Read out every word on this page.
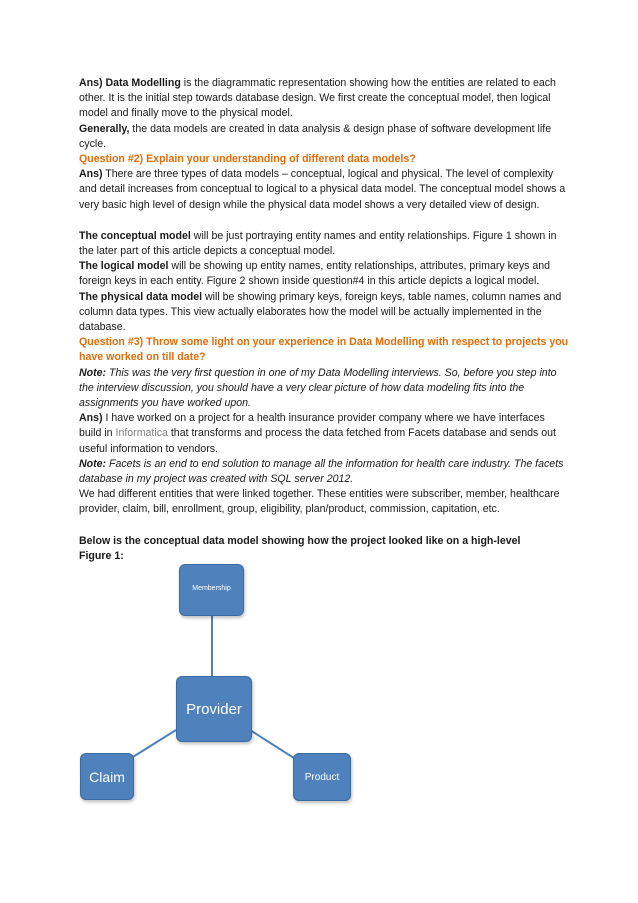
Ans) Data Modelling is the diagrammatic representation showing how the entities are related to each other. It is the initial step towards database design. We first create the conceptual model, then logical model and finally move to the physical model.

Generally, the data models are created in data analysis & design phase of software development life cycle.

Question #2) Explain your understanding of different data models?

Ans) There are three types of data models – conceptual, logical and physical. The level of complexity and detail increases from conceptual to logical to a physical data model. The conceptual model shows a very basic high level of design while the physical data model shows a very detailed view of design.

The conceptual model will be just portraying entity names and entity relationships. Figure 1 shown in the later part of this article depicts a conceptual model.

The logical model will be showing up entity names, entity relationships, attributes, primary keys and foreign keys in each entity. Figure 2 shown inside question#4 in this article depicts a logical model.

The physical data model will be showing primary keys, foreign keys, table names, column names and column data types. This view actually elaborates how the model will be actually implemented in the database.

Question #3) Throw some light on your experience in Data Modelling with respect to projects you have worked on till date?

Note: This was the very first question in one of my Data Modelling interviews. So, before you step into the interview discussion, you should have a very clear picture of how data modeling fits into the assignments you have worked upon.

Ans) I have worked on a project for a health insurance provider company where we have interfaces build in Informatica that transforms and process the data fetched from Facets database and sends out useful information to vendors.

Note: Facets is an end to end solution to manage all the information for health care industry. The facets database in my project was created with SQL server 2012.

We had different entities that were linked together. These entities were subscriber, member, healthcare provider, claim, bill, enrollment, group, eligibility, plan/product, commission, capitation, etc.

Below is the conceptual data model showing how the project looked like on a high-level

Figure 1:

Membership
Provider
Claim	Product
